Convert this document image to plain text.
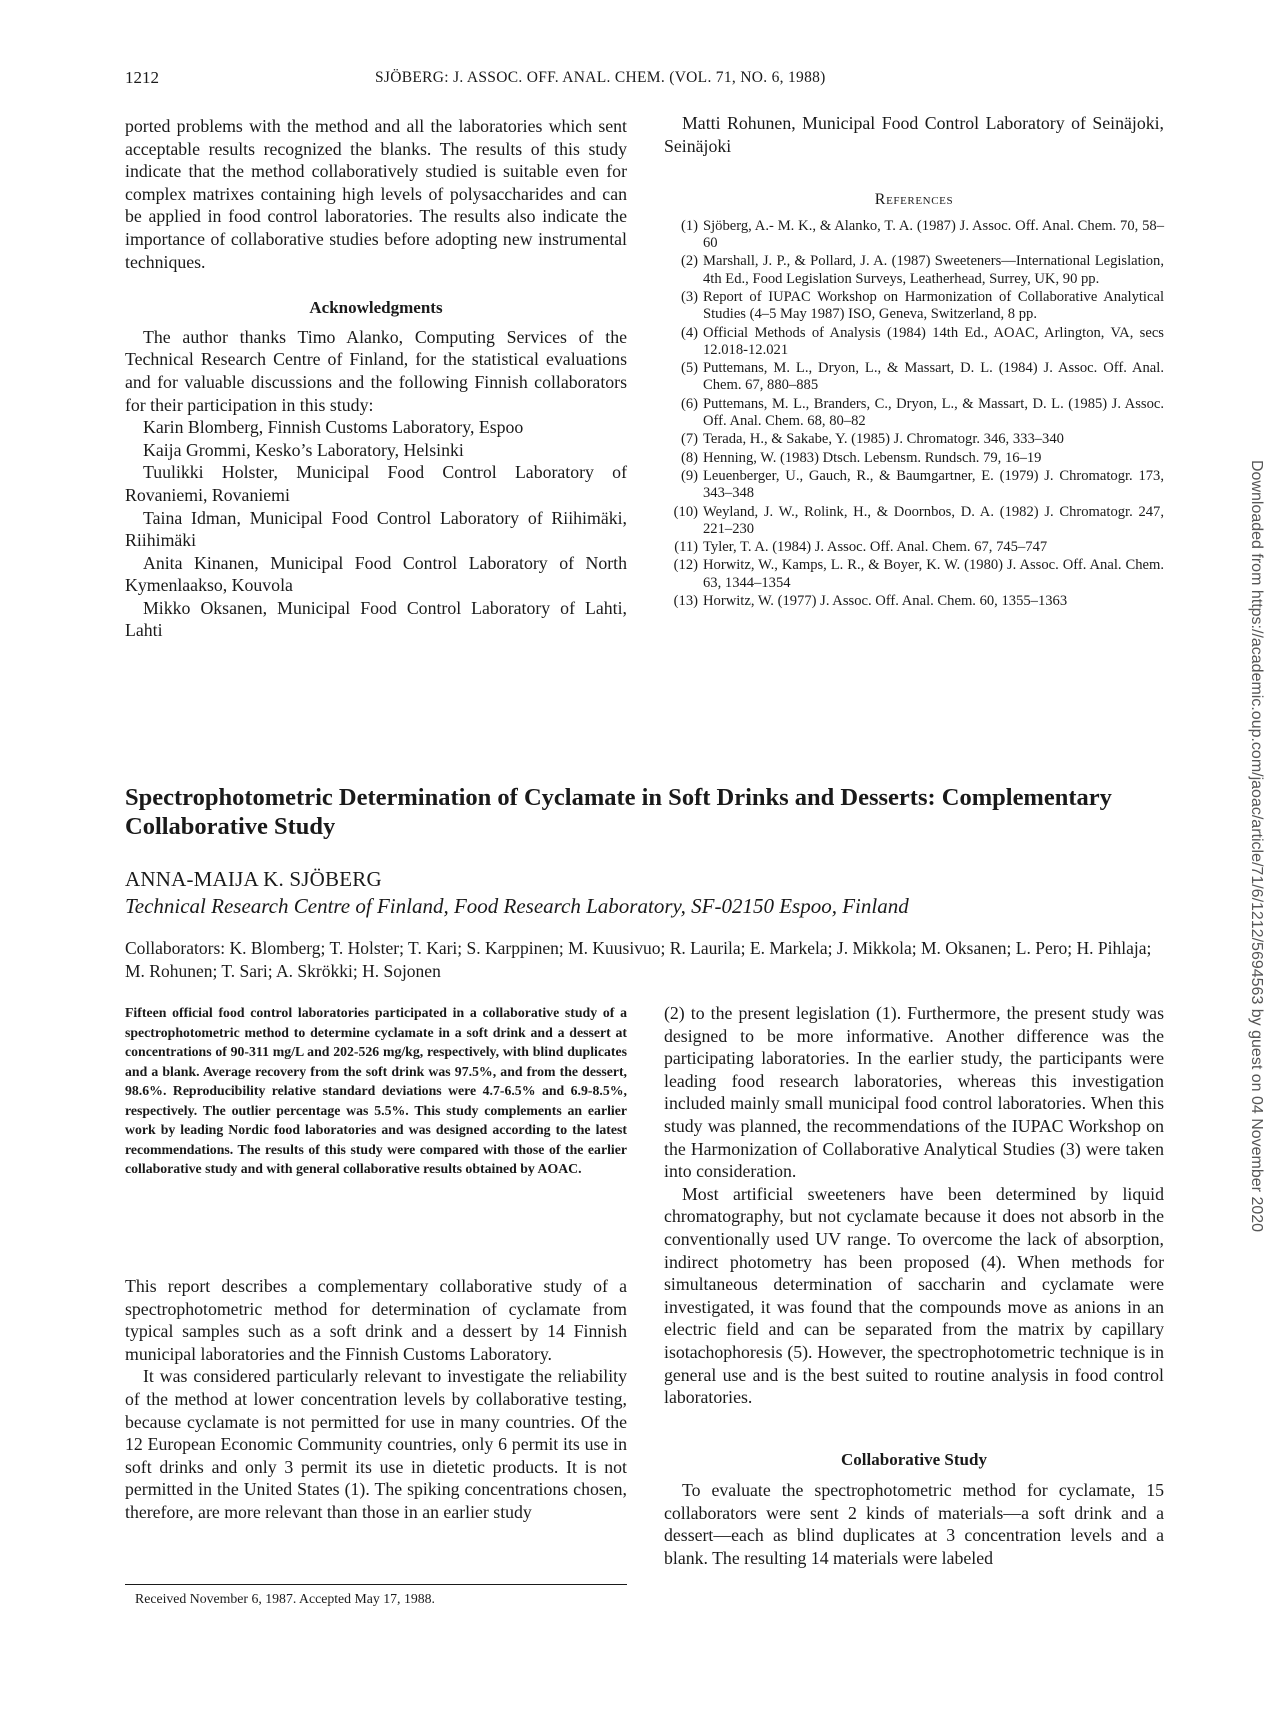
1212	SJÖBERG: J. ASSOC. OFF. ANAL. CHEM. (VOL. 71, NO. 6, 1988)

ported problems with the method and all the laboratories which sent acceptable results recognized the blanks. The results of this study indicate that the method collaboratively studied is suitable even for complex matrixes containing high levels of polysaccharides and can be applied in food control laboratories. The results also indicate the importance of collaborative studies before adopting new instrumental techniques.

Acknowledgments

The author thanks Timo Alanko, Computing Services of the Technical Research Centre of Finland, for the statistical evaluations and for valuable discussions and the following Finnish collaborators for their participation in this study:

Karin Blomberg, Finnish Customs Laboratory, Espoo

Kaija Grommi, Kesko’s Laboratory, Helsinki

Tuulikki Holster, Municipal Food Control Laboratory of Rovaniemi, Rovaniemi

Taina Idman, Municipal Food Control Laboratory of Riihimäki, Riihimäki

Anita Kinanen, Municipal Food Control Laboratory of North Kymenlaakso, Kouvola

Mikko Oksanen, Municipal Food Control Laboratory of Lahti, Lahti

Matti Rohunen, Municipal Food Control Laboratory of Seinäjoki, Seinäjoki

References

(1) Sjöberg, A.- M. K., & Alanko, T. A. (1987) J. Assoc. Off. Anal. Chem. 70, 58–60
(2) Marshall, J. P., & Pollard, J. A. (1987) Sweeteners—International Legislation, 4th Ed., Food Legislation Surveys, Leatherhead, Surrey, UK, 90 pp.
(3) Report of IUPAC Workshop on Harmonization of Collaborative Analytical Studies (4–5 May 1987) ISO, Geneva, Switzerland, 8 pp.
(4) Official Methods of Analysis (1984) 14th Ed., AOAC, Arlington, VA, secs 12.018-12.021
(5) Puttemans, M. L., Dryon, L., & Massart, D. L. (1984) J. Assoc. Off. Anal. Chem. 67, 880–885
(6) Puttemans, M. L., Branders, C., Dryon, L., & Massart, D. L. (1985) J. Assoc. Off. Anal. Chem. 68, 80–82
(7) Terada, H., & Sakabe, Y. (1985) J. Chromatogr. 346, 333–340
(8) Henning, W. (1983) Dtsch. Lebensm. Rundsch. 79, 16–19
(9) Leuenberger, U., Gauch, R., & Baumgartner, E. (1979) J. Chromatogr. 173, 343–348
(10) Weyland, J. W., Rolink, H., & Doornbos, D. A. (1982) J. Chromatogr. 247, 221–230
(11) Tyler, T. A. (1984) J. Assoc. Off. Anal. Chem. 67, 745–747
(12) Horwitz, W., Kamps, L. R., & Boyer, K. W. (1980) J. Assoc. Off. Anal. Chem. 63, 1344–1354
(13) Horwitz, W. (1977) J. Assoc. Off. Anal. Chem. 60, 1355–1363
Spectrophotometric Determination of Cyclamate in Soft Drinks and Desserts: Complementary Collaborative Study

ANNA-MAIJA K. SJÖBERG

Technical Research Centre of Finland, Food Research Laboratory, SF-02150 Espoo, Finland

Collaborators: K. Blomberg; T. Holster; T. Kari; S. Karppinen; M. Kuusivuo; R. Laurila; E. Markela; J. Mikkola; M. Oksanen; L. Pero; H. Pihlaja; M. Rohunen; T. Sari; A. Skrökki; H. Sojonen

Fifteen official food control laboratories participated in a collaborative study of a spectrophotometric method to determine cyclamate in a soft drink and a dessert at concentrations of 90-311 mg/L and 202-526 mg/kg, respectively, with blind duplicates and a blank. Average recovery from the soft drink was 97.5%, and from the dessert, 98.6%. Reproducibility relative standard deviations were 4.7-6.5% and 6.9-8.5%, respectively. The outlier percentage was 5.5%. This study complements an earlier work by leading Nordic food laboratories and was designed according to the latest recommendations. The results of this study were compared with those of the earlier collaborative study and with general collaborative results obtained by AOAC.

This report describes a complementary collaborative study of a spectrophotometric method for determination of cyclamate from typical samples such as a soft drink and a dessert by 14 Finnish municipal laboratories and the Finnish Customs Laboratory.

It was considered particularly relevant to investigate the reliability of the method at lower concentration levels by collaborative testing, because cyclamate is not permitted for use in many countries. Of the 12 European Economic Community countries, only 6 permit its use in soft drinks and only 3 permit its use in dietetic products. It is not permitted in the United States (1). The spiking concentrations chosen, therefore, are more relevant than those in an earlier study

(2) to the present legislation (1). Furthermore, the present study was designed to be more informative. Another difference was the participating laboratories. In the earlier study, the participants were leading food research laboratories, whereas this investigation included mainly small municipal food control laboratories. When this study was planned, the recommendations of the IUPAC Workshop on the Harmonization of Collaborative Analytical Studies (3) were taken into consideration.

Most artificial sweeteners have been determined by liquid chromatography, but not cyclamate because it does not absorb in the conventionally used UV range. To overcome the lack of absorption, indirect photometry has been proposed (4). When methods for simultaneous determination of saccharin and cyclamate were investigated, it was found that the compounds move as anions in an electric field and can be separated from the matrix by capillary isotachophoresis (5). However, the spectrophotometric technique is in general use and is the best suited to routine analysis in food control laboratories.

Collaborative Study

To evaluate the spectrophotometric method for cyclamate, 15 collaborators were sent 2 kinds of materials—a soft drink and a dessert—each as blind duplicates at 3 concentration levels and a blank. The resulting 14 materials were labeled

Received November 6, 1987. Accepted May 17, 1988.
Downloaded from https://academic.oup.com/jaoac/article/71/6/1212/5694563 by guest on 04 November 2020
